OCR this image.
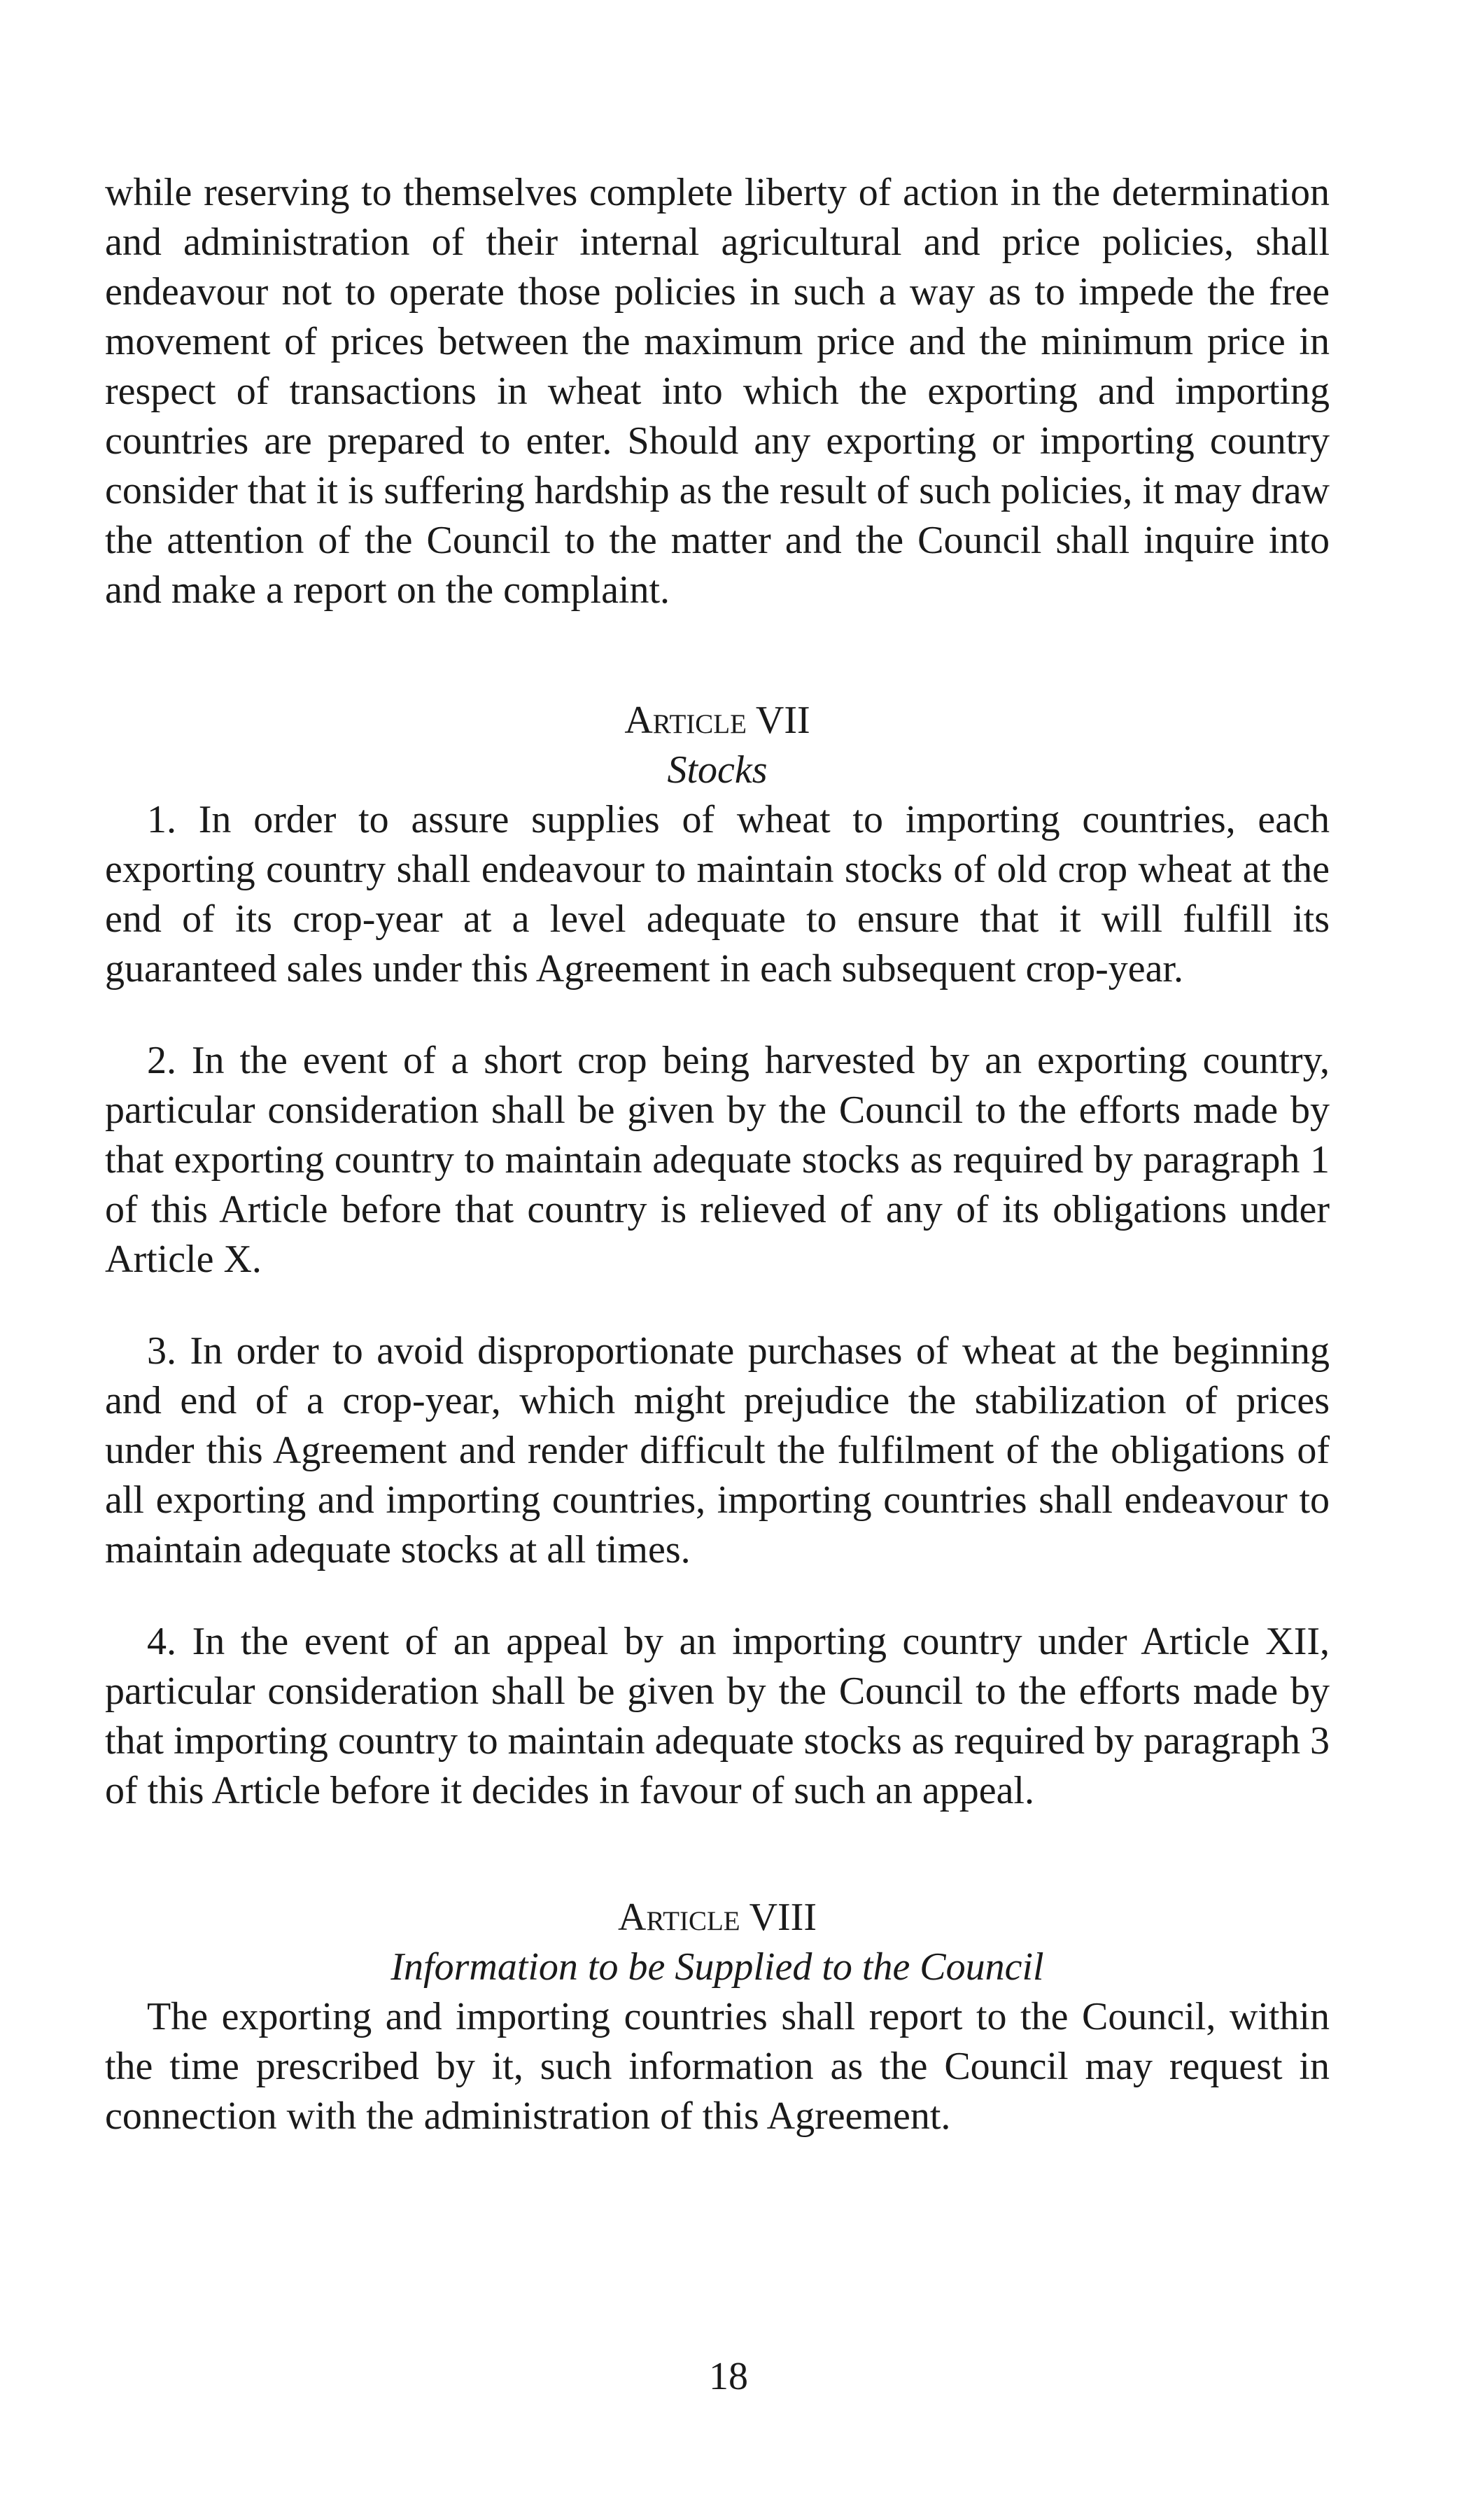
while reserving to themselves complete liberty of action in the determination and administration of their internal agricultural and price policies, shall endeavour not to operate those policies in such a way as to impede the free movement of prices between the maximum price and the minimum price in respect of transactions in wheat into which the exporting and importing countries are prepared to enter. Should any exporting or importing country consider that it is suffering hardship as the result of such policies, it may draw the attention of the Council to the matter and the Council shall inquire into and make a report on the complaint.

Article VII
Stocks

1. In order to assure supplies of wheat to importing countries, each exporting country shall endeavour to maintain stocks of old crop wheat at the end of its crop-year at a level adequate to ensure that it will fulfill its guaranteed sales under this Agreement in each subsequent crop-year.

2. In the event of a short crop being harvested by an exporting country, particular consideration shall be given by the Council to the efforts made by that exporting country to maintain adequate stocks as required by paragraph 1 of this Article before that country is relieved of any of its obligations under Article X.

3. In order to avoid disproportionate purchases of wheat at the beginning and end of a crop-year, which might prejudice the stabilization of prices under this Agreement and render difficult the fulfilment of the obligations of all exporting and importing countries, importing countries shall endeavour to maintain adequate stocks at all times.

4. In the event of an appeal by an importing country under Article XII, particular consideration shall be given by the Council to the efforts made by that importing country to maintain adequate stocks as required by paragraph 3 of this Article before it decides in favour of such an appeal.

Article VIII
Information to be Supplied to the Council

The exporting and importing countries shall report to the Council, within the time prescribed by it, such information as the Council may request in connection with the administration of this Agreement.

18
